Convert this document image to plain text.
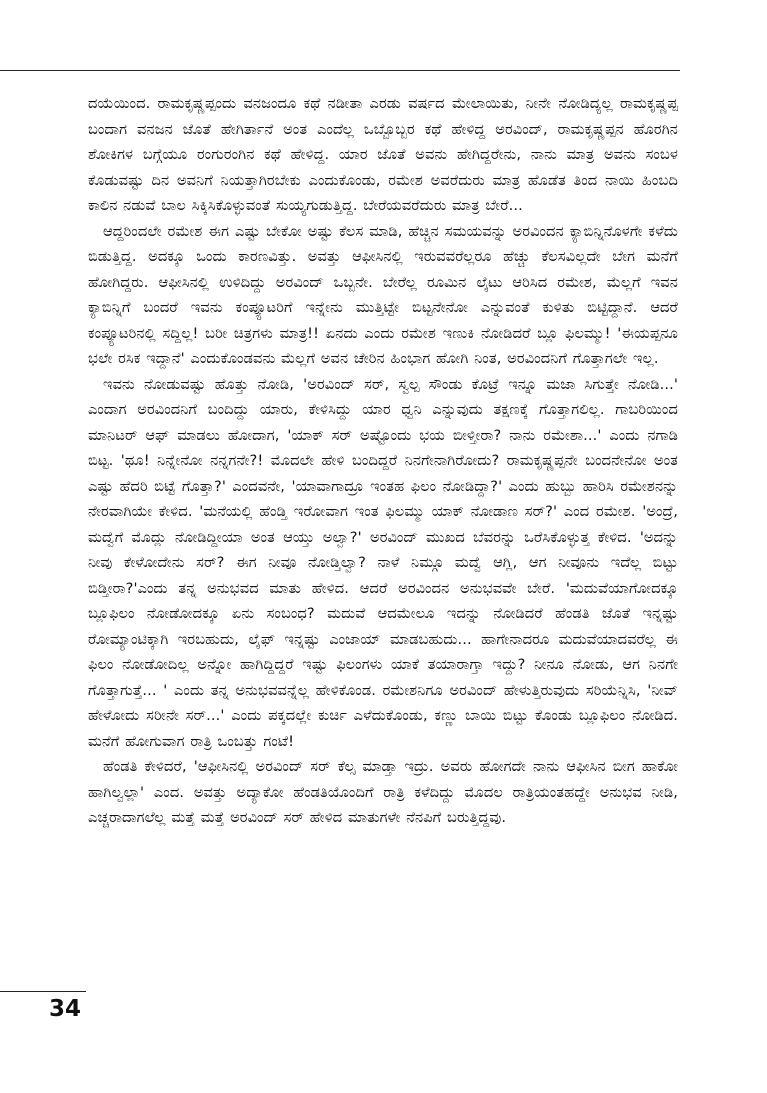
ದಯೆಯಿಂದ. ರಾಮಕೃಷ್ಣಪ್ಪಂದು ವನಜಂದೂ ಕಥೆ ನಡೀತಾ ಎರಡು ವರ್ಷದ ಮೇಲಾಯಿತು, ನೀನೇ ನೋಡಿದ್ಯಲ್ಲ ರಾಮಕೃಷ್ಣಪ್ಪ ಬಂದಾಗ ವನಜನ ಜೊತೆ ಹೇಗಿರ್ತಾನೆ ಅಂತ ಎಂದೆಲ್ಲ ಒಬ್ಬೊಬ್ಬರ ಕಥೆ ಹೇಳಿದ್ದ ಅರವಿಂದ್, ರಾಮಕೃಷ್ಣಪ್ಪನ ಹೊರಗಿನ ಶೋಕಿಗಳ ಬಗ್ಗೆಯೂ ರಂಗುರಂಗಿನ ಕಥೆ ಹೇಳಿದ್ದ. ಯಾರ ಜೊತೆ ಅವನು ಹೇಗಿದ್ದರೇನು, ನಾನು ಮಾತ್ರ ಅವನು ಸಂಬಳ ಕೊಡುವಷ್ಟು ದಿನ ಅವನಿಗೆ ನಿಯತ್ತಾಗಿರಬೇಕು ಎಂದುಕೊಂಡು, ರಮೇಶ ಅವರೆದುರು ಮಾತ್ರ ಹೊಡೆತ ತಿಂದ ನಾಯಿ ಹಿಂಬದಿ ಕಾಲಿನ ನಡುವೆ ಬಾಲ ಸಿಕ್ಕಿಸಿಕೊಳ್ಳುವಂತೆ ಸುಯ್ಯಗುಡುತ್ತಿದ್ದ. ಬೇರೆಯವರೆದುರು ಮಾತ್ರ ಬೇರೆ...

ಆದ್ದರಿಂದಲೇ ರಮೇಶ ಈಗ ಎಷ್ಟು ಬೇಕೋ ಅಷ್ಟು ಕೆಲಸ ಮಾಡಿ, ಹೆಚ್ಚಿನ ಸಮಯವನ್ನು ಅರವಿಂದನ ಕ್ಯಾಬಿನ್ನಿನೊಳಗೇ ಕಳೆದು ಬಿಡುತ್ತಿದ್ದ. ಅದಕ್ಕೂ ಒಂದು ಕಾರಣವಿತ್ತು. ಅವತ್ತು ಆಫೀಸಿನಲ್ಲಿ ಇರುವವರೆಲ್ಲರೂ ಹೆಚ್ಚು ಕೆಲಸವಿಲ್ಲದೇ ಬೇಗ ಮನೆಗೆ ಹೋಗಿದ್ದರು. ಆಫೀಸಿನಲ್ಲಿ ಉಳಿದಿದ್ದು ಅರವಿಂದ್ ಒಬ್ಬನೇ. ಬೇರೆಲ್ಲ ರೂಮಿನ ಲೈಟು ಆರಿಸಿದ ರಮೇಶ, ಮೆಲ್ಲಗೆ ಇವನ ಕ್ಯಾಬಿನ್ನಿಗೆ ಬಂದರೆ ಇವನು ಕಂಪ್ಯೂಟರಿಗೆ ಇನ್ನೇನು ಮುತ್ತಿಟ್ಟೇ ಬಿಟ್ಟನೇನೋ ಎನ್ನುವಂತೆ ಕುಳಿತು ಬಿಟ್ಟಿದ್ದಾನೆ. ಆದರೆ ಕಂಪ್ಯೂಟರಿನಲ್ಲಿ ಸದ್ದಿಲ್ಲ! ಬರೀ ಚಿತ್ರಗಳು ಮಾತ್ರ!! ಏನದು ಎಂದು ರಮೇಶ ಇಣುಕಿ ನೋಡಿದರೆ ಬ್ಲೂ ಫಿಲಮ್ಮು! 'ಈಯಪ್ಪನೂ ಭಲೇ ರಸಿಕ ಇದ್ದಾನೆ' ಎಂದುಕೊಂಡವನು ಮೆಲ್ಲಗೆ ಅವನ ಚೇರಿನ ಹಿಂಭಾಗ ಹೋಗಿ ನಿಂತ, ಅರವಿಂದನಿಗೆ ಗೊತ್ತಾಗಲೇ ಇಲ್ಲ.

ಇವನು ನೋಡುವಷ್ಟು ಹೊತ್ತು ನೋಡಿ, 'ಅರವಿಂದ್ ಸರ್, ಸ್ವಲ್ಪ ಸೌಂಡು ಕೊಟ್ರೆ ಇನ್ನೂ ಮಜಾ ಸಿಗುತ್ತೇ ನೋಡಿ...' ಎಂದಾಗ ಅರವಿಂದನಿಗೆ ಬಂದಿದ್ದು ಯಾರು, ಕೇಳಿಸಿದ್ದು ಯಾರ ಧ್ವನಿ ಎನ್ನುವುದು ತಕ್ಷಣಕ್ಕೆ ಗೊತ್ತಾಗಲಿಲ್ಲ. ಗಾಬರಿಯಿಂದ ಮಾನಿಟರ್ ಆಫ್ ಮಾಡಲು ಹೋದಾಗ, 'ಯಾಕ್ ಸರ್ ಅಷ್ಟೊಂದು ಭಯ ಬೀಳ್ತೀರಾ? ನಾನು ರಮೇಶಾ...' ಎಂದು ನಗಾಡಿ ಬಿಟ್ಟ. 'ಥೂ! ನಿನ್ನೇನೋ ನನ್ನಗನೇ?! ಮೊದಲೇ ಹೇಳಿ ಬಂದಿದ್ದರೆ ನಿನಗೇನಾಗಿರೋದು? ರಾಮಕೃಷ್ಣಪ್ಪನೇ ಬಂದನೇನೋ ಅಂತ ಎಷ್ಟು ಹೆದರಿ ಬಿಟ್ಟೆ ಗೊತ್ತಾ?' ಎಂದವನೇ, 'ಯಾವಾಗಾದ್ರೂ ಇಂತಹ ಫಿಲಂ ನೋಡಿದ್ದಾ?' ಎಂದು ಹುಬ್ಬು ಹಾರಿಸಿ ರಮೇಶನನ್ನು ನೇರವಾಗಿಯೇ ಕೇಳಿದ. 'ಮನೆಯಲ್ಲಿ ಹೆಂಡ್ತಿ ಇರೋವಾಗ ಇಂತ ಫಿಲಮ್ಮು ಯಾಕ್ ನೋಡಾಣ ಸರ್?' ಎಂದ ರಮೇಶ. 'ಅಂದ್ರೆ, ಮದ್ವೆಗೆ ಮೊದ್ಲು ನೋಡಿದ್ದೀಯಾ ಅಂತ ಆಯ್ತು ಅಲ್ವಾ?' ಅರವಿಂದ್ ಮುಖದ ಬೆವರನ್ನು ಒರೆಸಿಕೊಳ್ಳುತ್ತ ಕೇಳಿದ. 'ಅದನ್ನು ನೀವು ಕೇಳೋದೇನು ಸರ್? ಈಗ ನೀವೂ ನೋಡ್ತಿಲ್ವಾ? ನಾಳೆ ನಿಮ್ಗೂ ಮದ್ವೆ ಆಗ್ಲಿ, ಆಗ ನೀವೂನು ಇದೆಲ್ಲ ಬಿಟ್ಟು ಬಿಡ್ತೀರಾ?'ಎಂದು ತನ್ನ ಅನುಭವದ ಮಾತು ಹೇಳಿದ. ಆದರೆ ಅರವಿಂದನ ಅನುಭವವೇ ಬೇರೆ. 'ಮದುವೆಯಾಗೋದಕ್ಕೂ ಬ್ಲೂಫಿಲಂ ನೋಡೋದಕ್ಕೂ ಏನು ಸಂಬಂಧ? ಮದುವೆ ಆದಮೇಲೂ ಇದನ್ನು ನೋಡಿದರೆ ಹೆಂಡತಿ ಜೊತೆ ಇನ್ನಷ್ಟು ರೋಮ್ಯಾಂಟಿಕ್ಕಾಗಿ ಇರಬಹುದು, ಲೈಫ್ ಇನ್ನಷ್ಟು ಎಂಜಾಯ್ ಮಾಡಬಹುದು... ಹಾಗೇನಾದರೂ ಮದುವೆಯಾದವರೆಲ್ಲ ಈ ಫಿಲಂ ನೋಡೋದಿಲ್ಲ ಅನ್ನೋ ಹಾಗಿದ್ದಿದ್ದರೆ ಇಷ್ಟು ಫಿಲಂಗಳು ಯಾಕೆ ತಯಾರಾಗ್ತಾ ಇದ್ದು? ನೀನೂ ನೋಡು, ಆಗ ನಿನಗೇ ಗೊತ್ತಾಗುತ್ತೆ... ' ಎಂದು ತನ್ನ ಅನುಭವವನ್ನೆಲ್ಲ ಹೇಳಿಕೊಂಡ. ರಮೇಶನಿಗೂ ಅರವಿಂದ್ ಹೇಳುತ್ತಿರುವುದು ಸರಿಯೆನ್ನಿಸಿ, 'ನೀವ್ ಹೇಳೋದು ಸರೀನೇ ಸರ್...' ಎಂದು ಪಕ್ಕದಲ್ಲೇ ಕುರ್ಚಿ ಎಳೆದುಕೊಂಡು, ಕಣ್ಣು ಬಾಯಿ ಬಿಟ್ಟು ಕೊಂಡು ಬ್ಲೂಫಿಲಂ ನೋಡಿದ. ಮನೆಗೆ ಹೋಗುವಾಗ ರಾತ್ರಿ ಒಂಬತ್ತು ಗಂಟೆ!

ಹೆಂಡತಿ ಕೇಳಿದರೆ, 'ಆಫೀಸಿನಲ್ಲಿ ಅರವಿಂದ್ ಸರ್ ಕೆಲ್ಸ ಮಾಡ್ತಾ ಇದ್ರು. ಅವರು ಹೋಗದೇ ನಾನು ಆಫೀಸಿನ ಬೀಗ ಹಾಕೋ ಹಾಗಿಲ್ವಲ್ಲಾ' ಎಂದ. ಅವತ್ತು ಅದ್ಯಾಕೋ ಹೆಂಡತಿಯೊಂದಿಗೆ ರಾತ್ರಿ ಕಳೆದಿದ್ದು ಮೊದಲ ರಾತ್ರಿಯಂತಹದ್ದೇ ಅನುಭವ ನೀಡಿ, ಎಚ್ಚರಾದಾಗಲೆಲ್ಲ ಮತ್ತೆ ಮತ್ತೆ ಅರವಿಂದ್ ಸರ್ ಹೇಳಿದ ಮಾತುಗಳೇ ನೆನಪಿಗೆ ಬರುತ್ತಿದ್ದವು.

34
